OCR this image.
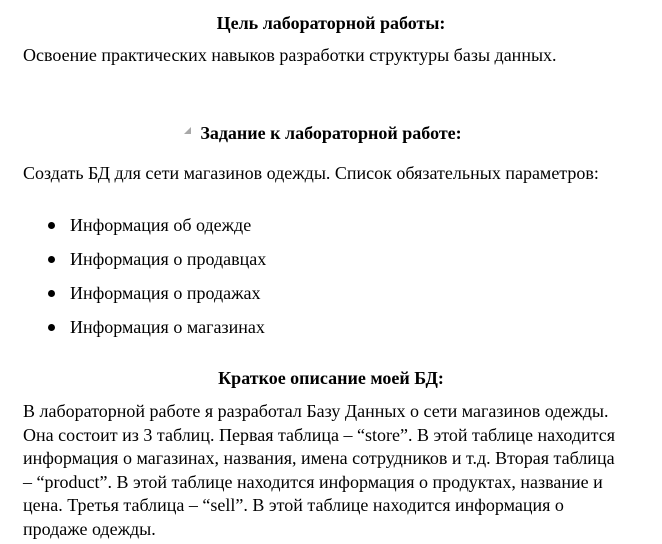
Цель лабораторной работы:
Освоение практических навыков разработки структуры базы данных.
Задание к лабораторной работе:
Создать БД для сети магазинов одежды. Список обязательных параметров:
Информация об одежде
Информация о продавцах
Информация о продажах
Информация о магазинах
Краткое описание моей БД:
В лабораторной работе я разработал Базу Данных о сети магазинов одежды.
Она состоит из 3 таблиц. Первая таблица – “store”. В этой таблице находится
информация о магазинах, названия, имена сотрудников и т.д. Вторая таблица
– “product”. В этой таблице находится информация о продуктах, название и
цена. Третья таблица – “sell”. В этой таблице находится информация о
продаже одежды.
